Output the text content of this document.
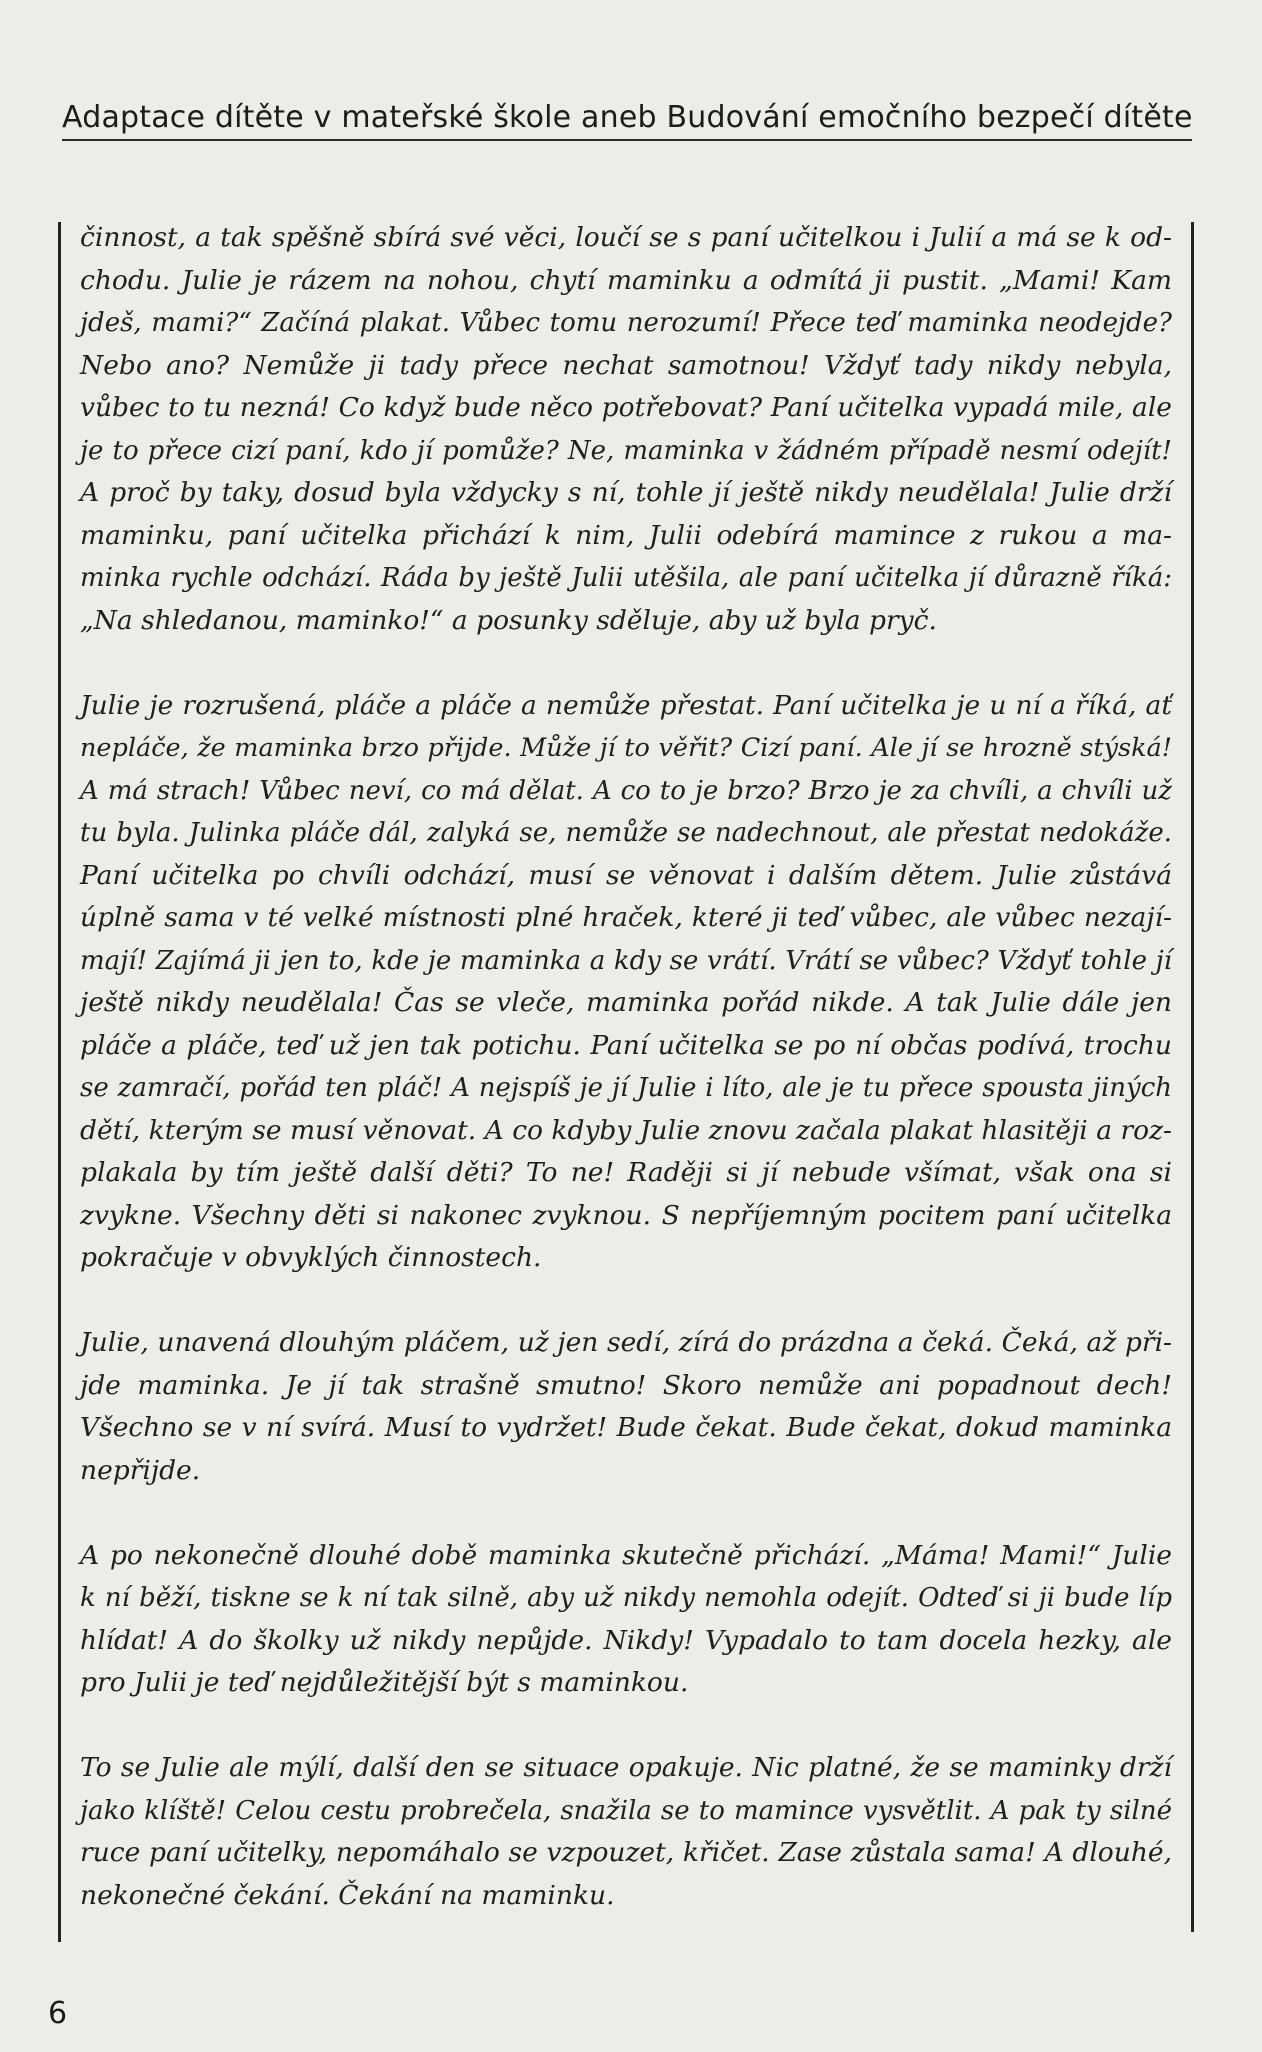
Adaptace dítěte v mateřské škole aneb Budování emočního bezpečí dítěte
činnost, a tak spěšně sbírá své věci, loučí se s paní učitelkou i Julií a má se k od-
chodu. Julie je rázem na nohou, chytí maminku a odmítá ji pustit. „Mami! Kam
jdeš, mami?“ Začíná plakat. Vůbec tomu nerozumí! Přece teď maminka neodejde?
Nebo ano? Nemůže ji tady přece nechat samotnou! Vždyť tady nikdy nebyla,
vůbec to tu nezná! Co když bude něco potřebovat? Paní učitelka vypadá mile, ale
je to přece cizí paní, kdo jí pomůže? Ne, maminka v žádném případě nesmí odejít!
A proč by taky, dosud byla vždycky s ní, tohle jí ještě nikdy neudělala! Julie drží
maminku, paní učitelka přichází k nim, Julii odebírá mamince z rukou a ma-
minka rychle odchází. Ráda by ještě Julii utěšila, ale paní učitelka jí důrazně říká:
„Na shledanou, maminko!“ a posunky sděluje, aby už byla pryč.
Julie je rozrušená, pláče a pláče a nemůže přestat. Paní učitelka je u ní a říká, ať
nepláče, že maminka brzo přijde. Může jí to věřit? Cizí paní. Ale jí se hrozně stýská!
A má strach! Vůbec neví, co má dělat. A co to je brzo? Brzo je za chvíli, a chvíli už
tu byla. Julinka pláče dál, zalyká se, nemůže se nadechnout, ale přestat nedokáže.
Paní učitelka po chvíli odchází, musí se věnovat i dalším dětem. Julie zůstává
úplně sama v té velké místnosti plné hraček, které ji teď vůbec, ale vůbec nezají-
mají! Zajímá ji jen to, kde je maminka a kdy se vrátí. Vrátí se vůbec? Vždyť tohle jí
ještě nikdy neudělala! Čas se vleče, maminka pořád nikde. A tak Julie dále jen
pláče a pláče, teď už jen tak potichu. Paní učitelka se po ní občas podívá, trochu
se zamračí, pořád ten pláč! A nejspíš je jí Julie i líto, ale je tu přece spousta jiných
dětí, kterým se musí věnovat. A co kdyby Julie znovu začala plakat hlasitěji a roz-
plakala by tím ještě další děti? To ne! Raději si jí nebude všímat, však ona si
zvykne. Všechny děti si nakonec zvyknou. S nepříjemným pocitem paní učitelka
pokračuje v obvyklých činnostech.
Julie, unavená dlouhým pláčem, už jen sedí, zírá do prázdna a čeká. Čeká, až při-
jde maminka. Je jí tak strašně smutno! Skoro nemůže ani popadnout dech!
Všechno se v ní svírá. Musí to vydržet! Bude čekat. Bude čekat, dokud maminka
nepřijde.
A po nekonečně dlouhé době maminka skutečně přichází. „Máma! Mami!“ Julie
k ní běží, tiskne se k ní tak silně, aby už nikdy nemohla odejít. Odteď si ji bude líp
hlídat! A do školky už nikdy nepůjde. Nikdy! Vypadalo to tam docela hezky, ale
pro Julii je teď nejdůležitější být s maminkou.
To se Julie ale mýlí, další den se situace opakuje. Nic platné, že se maminky drží
jako klíště! Celou cestu probrečela, snažila se to mamince vysvětlit. A pak ty silné
ruce paní učitelky, nepomáhalo se vzpouzet, křičet. Zase zůstala sama! A dlouhé,
nekonečné čekání. Čekání na maminku.
6
